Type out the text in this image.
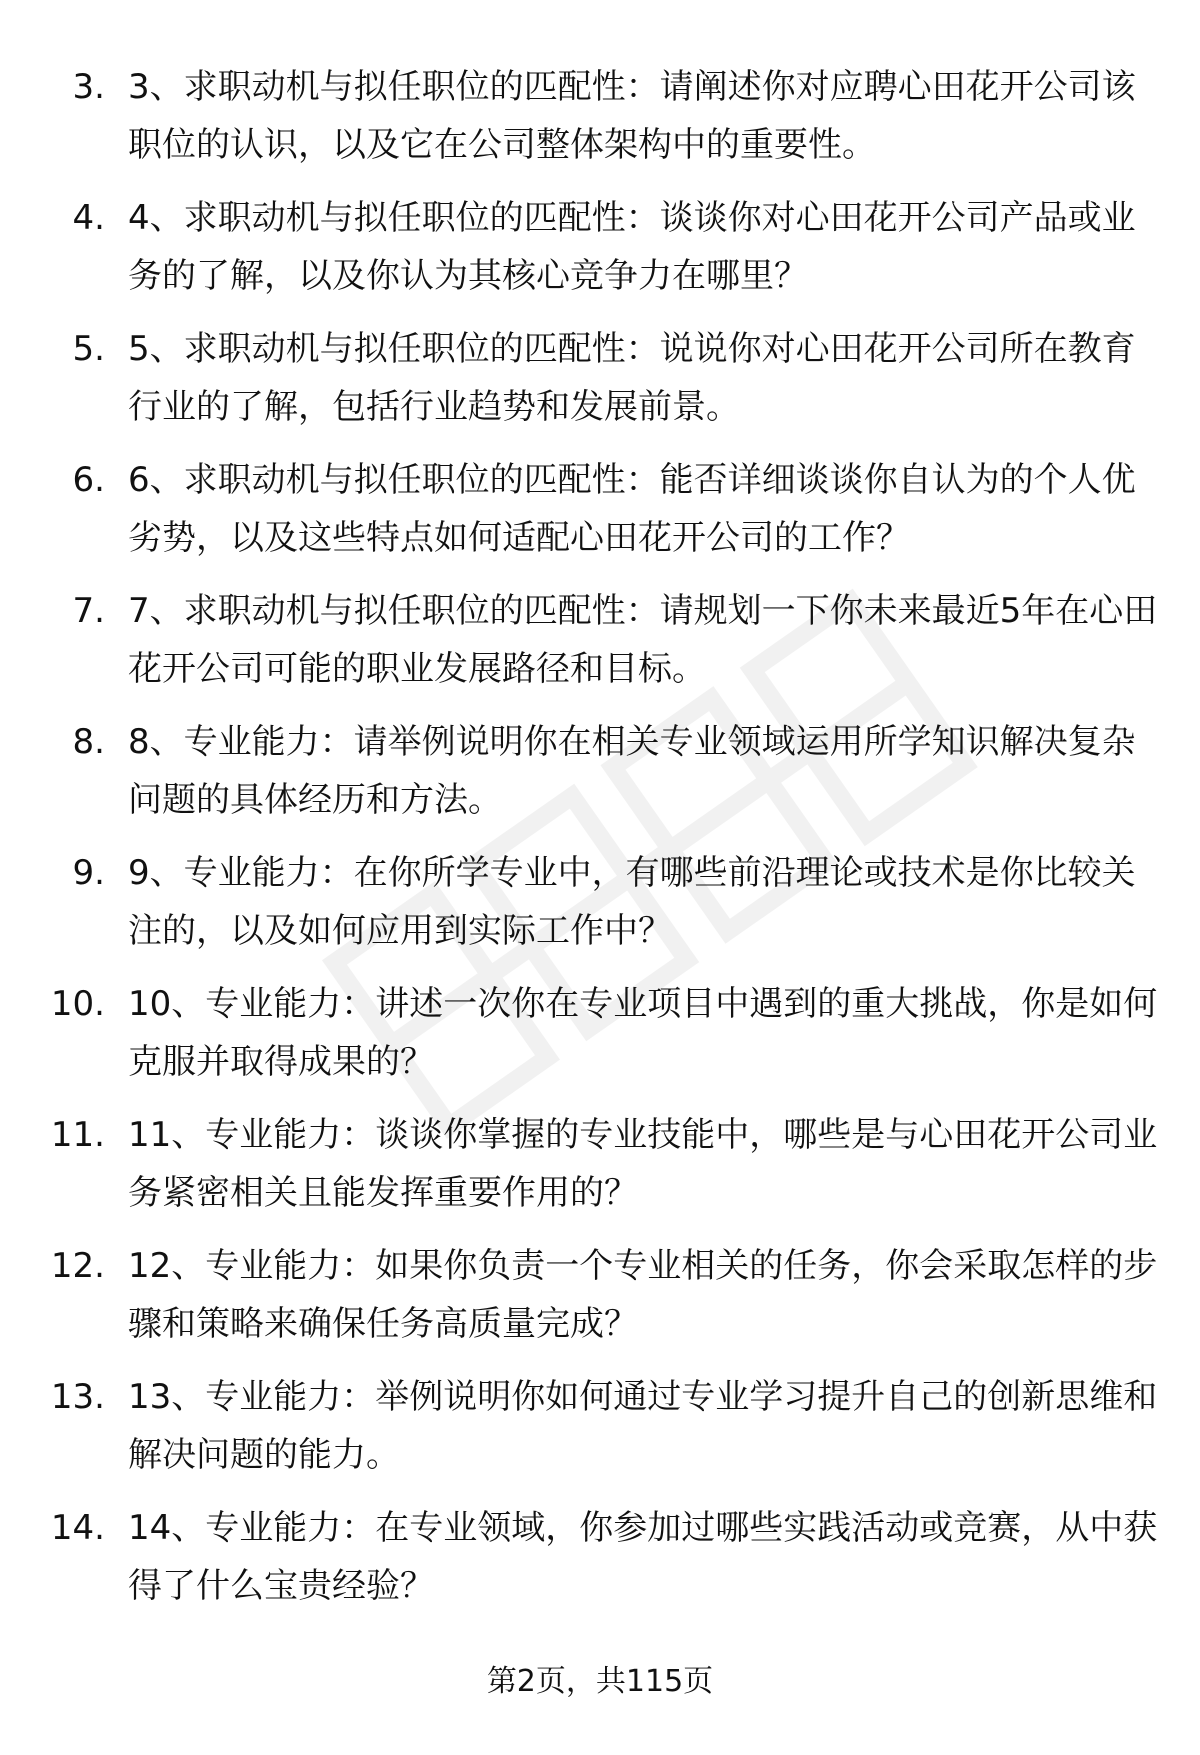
3. 3、求职动机与拟任职位的匹配性：请阐述你对应聘心田花开公司该职位的认识，以及它在公司整体架构中的重要性。
4. 4、求职动机与拟任职位的匹配性：谈谈你对心田花开公司产品或业务的了解，以及你认为其核心竞争力在哪里？
5. 5、求职动机与拟任职位的匹配性：说说你对心田花开公司所在教育行业的了解，包括行业趋势和发展前景。
6. 6、求职动机与拟任职位的匹配性：能否详细谈谈你自认为的个人优劣势，以及这些特点如何适配心田花开公司的工作？
7. 7、求职动机与拟任职位的匹配性：请规划一下你未来最近5年在心田花开公司可能的职业发展路径和目标。
8. 8、专业能力：请举例说明你在相关专业领域运用所学知识解决复杂问题的具体经历和方法。
9. 9、专业能力：在你所学专业中，有哪些前沿理论或技术是你比较关注的，以及如何应用到实际工作中？
10. 10、专业能力：讲述一次你在专业项目中遇到的重大挑战，你是如何克服并取得成果的？
11. 11、专业能力：谈谈你掌握的专业技能中，哪些是与心田花开公司业务紧密相关且能发挥重要作用的？
12. 12、专业能力：如果你负责一个专业相关的任务，你会采取怎样的步骤和策略来确保任务高质量完成？
13. 13、专业能力：举例说明你如何通过专业学习提升自己的创新思维和解决问题的能力。
14. 14、专业能力：在专业领域，你参加过哪些实践活动或竞赛，从中获得了什么宝贵经验？
第2页，共115页
